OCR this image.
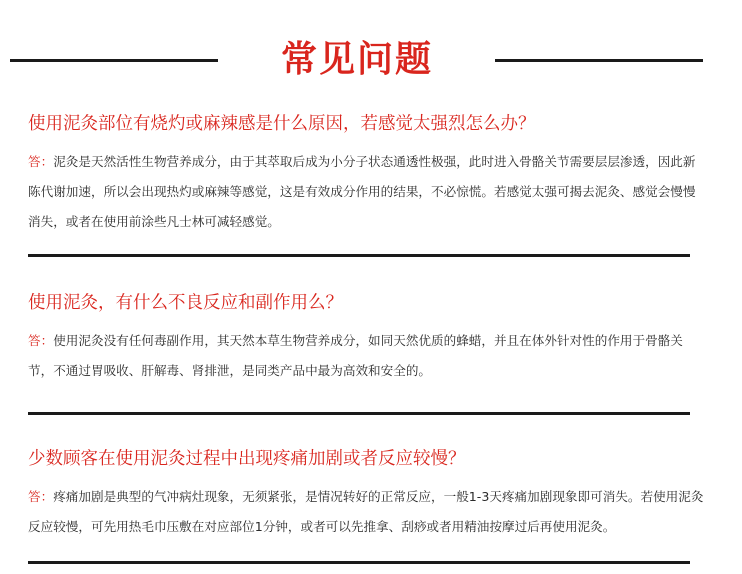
常见问题
使用泥灸部位有烧灼或麻辣感是什么原因，若感觉太强烈怎么办？
答：泥灸是天然活性生物营养成分，由于其萃取后成为小分子状态通透性极强，此时进入骨骼关节需要层层渗透，因此新陈代谢加速，所以会出现热灼或麻辣等感觉，这是有效成分作用的结果，不必惊慌。若感觉太强可揭去泥灸、感觉会慢慢消失，或者在使用前涂些凡士林可减轻感觉。
使用泥灸，有什么不良反应和副作用么？
答：使用泥灸没有任何毒副作用，其天然本草生物营养成分，如同天然优质的蜂蜡，并且在体外针对性的作用于骨骼关节，不通过胃吸收、肝解毒、肾排泄，是同类产品中最为高效和安全的。
少数顾客在使用泥灸过程中出现疼痛加剧或者反应较慢？
答：疼痛加剧是典型的气冲病灶现象，无须紧张，是情况转好的正常反应，一般1-3天疼痛加剧现象即可消失。若使用泥灸反应较慢，可先用热毛巾压敷在对应部位1分钟，或者可以先推拿、刮痧或者用精油按摩过后再使用泥灸。
